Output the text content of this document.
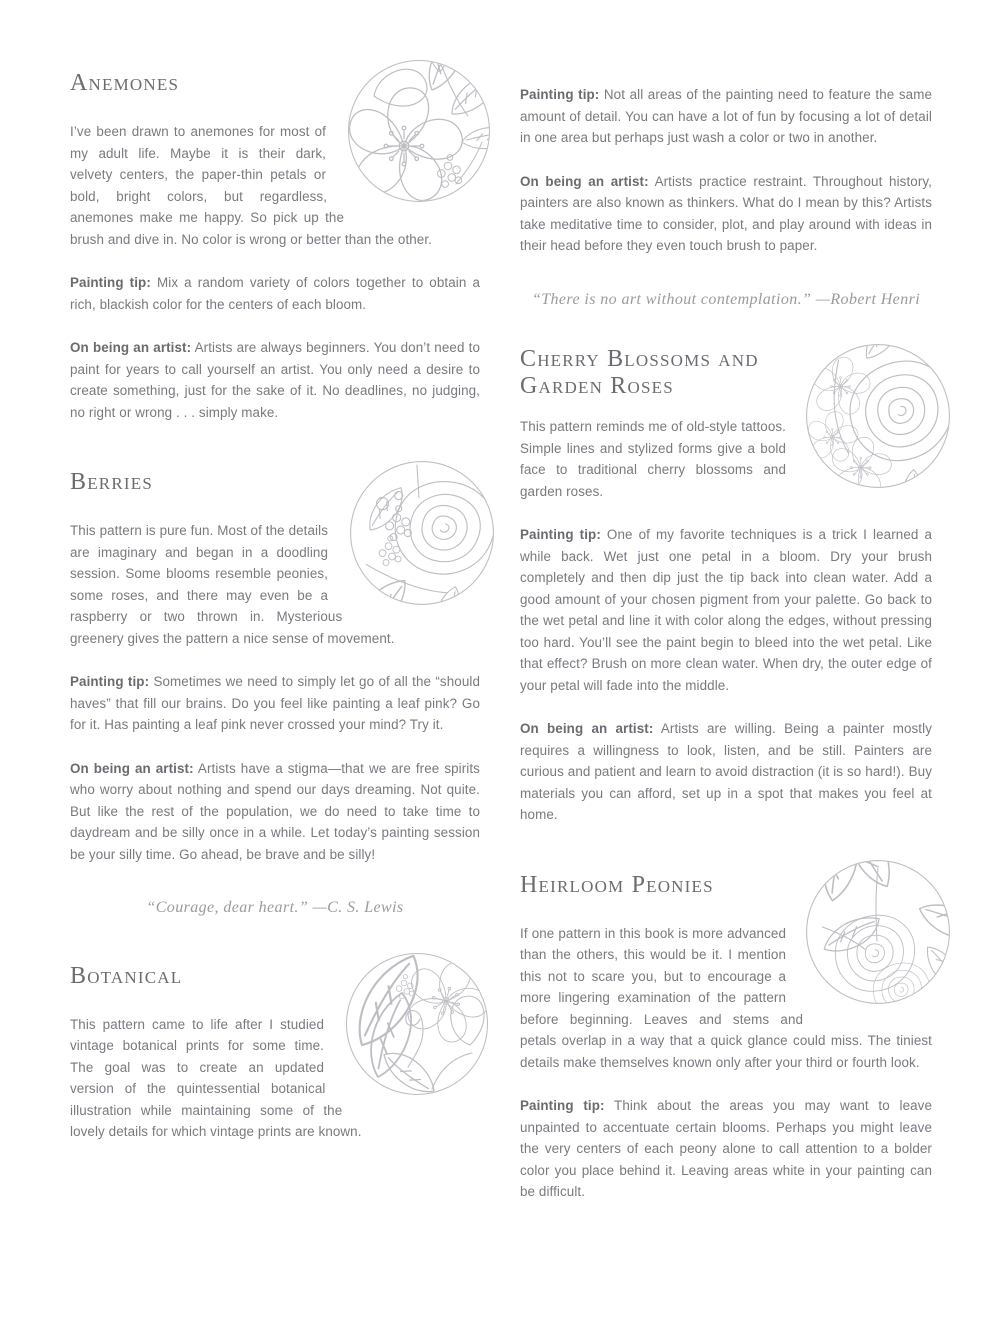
Anemones

I’ve been drawn to anemones for most of my adult life. Maybe it is their dark, velvety centers, the paper-thin petals or bold, bright colors, but regardless, anemones make me happy. So pick up the brush and dive in. No color is wrong or better than the other.

Painting tip: Mix a random variety of colors together to obtain a rich, blackish color for the centers of each bloom.

On being an artist: Artists are always beginners. You don’t need to paint for years to call yourself an artist. You only need a desire to create something, just for the sake of it. No deadlines, no judging, no right or wrong . . . simply make.

Berries

This pattern is pure fun. Most of the details are imaginary and began in a doodling session. Some blooms resemble peonies, some roses, and there may even be a raspberry or two thrown in. Mysterious greenery gives the pattern a nice sense of movement.

Painting tip: Sometimes we need to simply let go of all the “should haves” that fill our brains. Do you feel like painting a leaf pink? Go for it. Has painting a leaf pink never crossed your mind? Try it.

On being an artist: Artists have a stigma—that we are free spirits who worry about nothing and spend our days dreaming. Not quite. But like the rest of the population, we do need to take time to daydream and be silly once in a while. Let today’s painting session be your silly time. Go ahead, be brave and be silly!

“Courage, dear heart.” —C. S. Lewis

Botanical

This pattern came to life after I studied vintage botanical prints for some time. The goal was to create an updated version of the quintessential botanical illustration while maintaining some of the lovely details for which vintage prints are known.

Painting tip: Not all areas of the painting need to feature the same amount of detail. You can have a lot of fun by focusing a lot of detail in one area but perhaps just wash a color or two in another.

On being an artist: Artists practice restraint. Throughout history, painters are also known as thinkers. What do I mean by this? Artists take meditative time to consider, plot, and play around with ideas in their head before they even touch brush to paper.

“There is no art without contemplation.” —Robert Henri

Cherry Blossoms and Garden Roses

This pattern reminds me of old-style tattoos. Simple lines and stylized forms give a bold face to traditional cherry blossoms and garden roses.

Painting tip: One of my favorite techniques is a trick I learned a while back. Wet just one petal in a bloom. Dry your brush completely and then dip just the tip back into clean water. Add a good amount of your chosen pigment from your palette. Go back to the wet petal and line it with color along the edges, without pressing too hard. You’ll see the paint begin to bleed into the wet petal. Like that effect? Brush on more clean water. When dry, the outer edge of your petal will fade into the middle.

On being an artist: Artists are willing. Being a painter mostly requires a willingness to look, listen, and be still. Painters are curious and patient and learn to avoid distraction (it is so hard!). Buy materials you can afford, set up in a spot that makes you feel at home.

Heirloom Peonies

If one pattern in this book is more advanced than the others, this would be it. I mention this not to scare you, but to encourage a more lingering examination of the pattern before beginning. Leaves and stems and petals overlap in a way that a quick glance could miss. The tiniest details make themselves known only after your third or fourth look.

Painting tip: Think about the areas you may want to leave unpainted to accentuate certain blooms. Perhaps you might leave the very centers of each peony alone to call attention to a bolder color you place behind it. Leaving areas white in your painting can be difficult.
